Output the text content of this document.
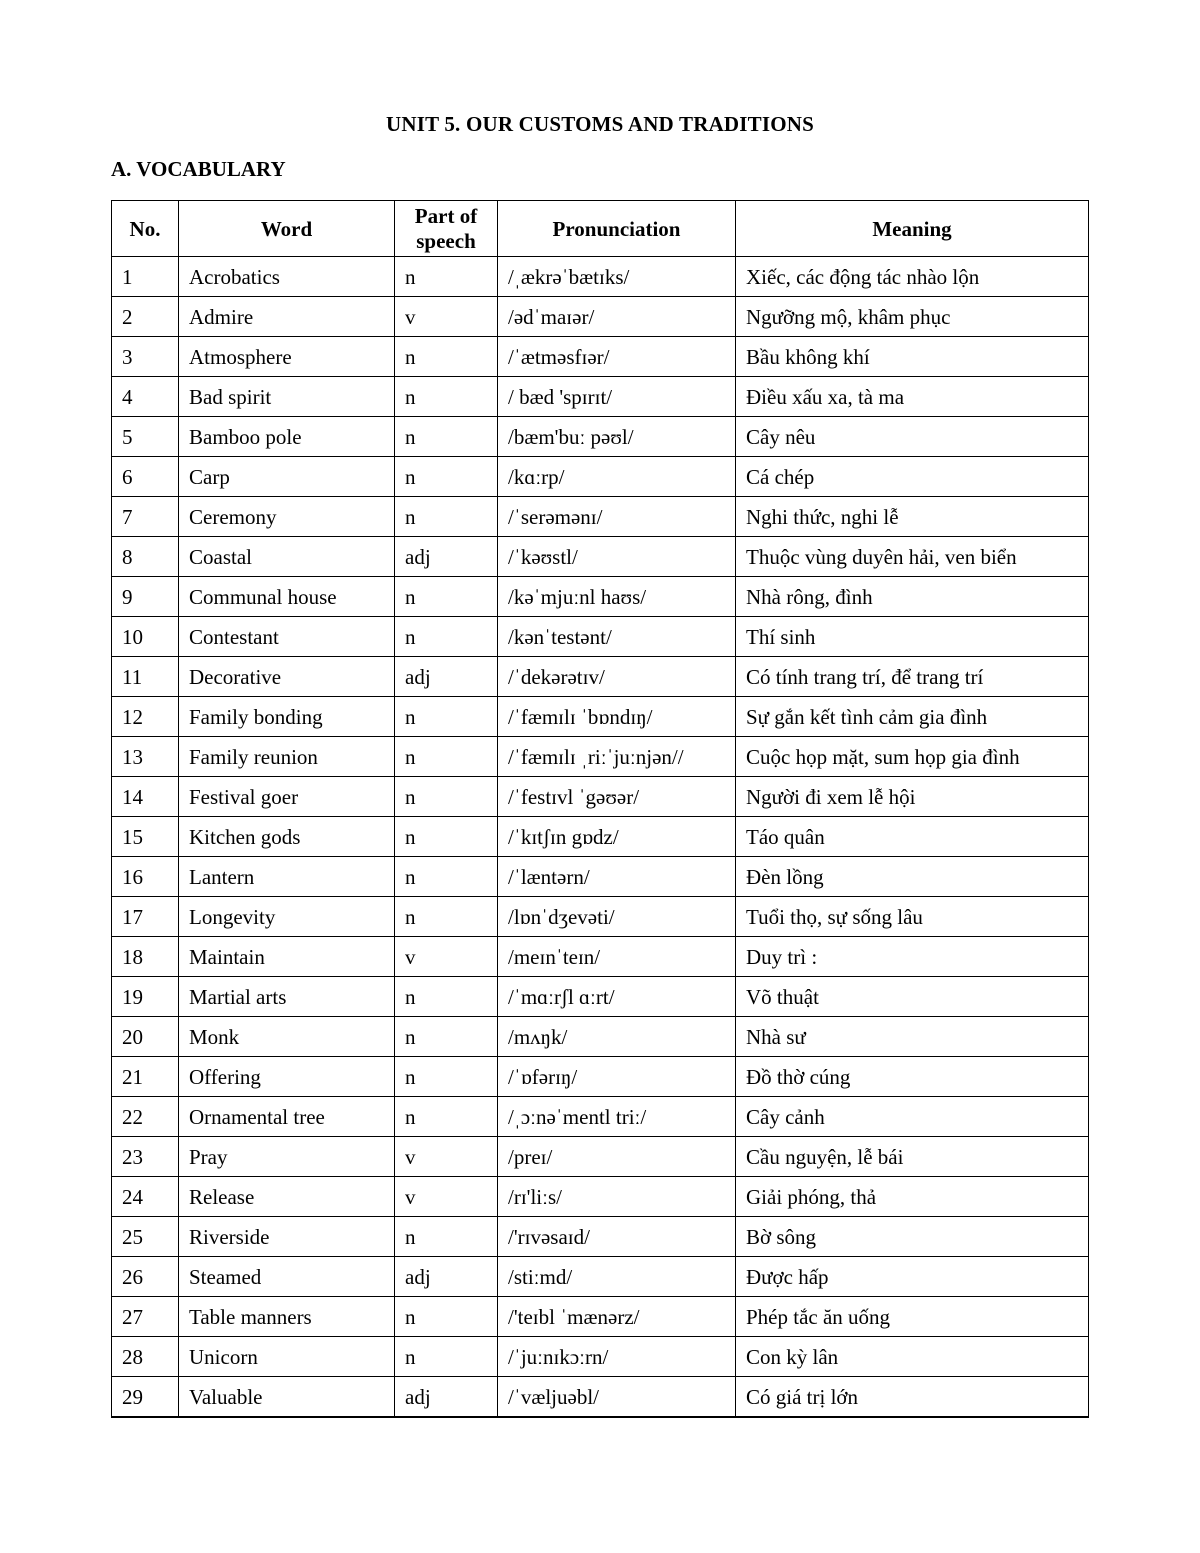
UNIT 5. OUR CUSTOMS AND TRADITIONS
A. VOCABULARY
No.	Word	Part of speech	Pronunciation	Meaning
1	Acrobatics	n	/ˌækrəˈbætɪks/	Xiếc, các động tác nhào lộn
2	Admire	v	/ədˈmaɪər/	Ngưỡng mộ, khâm phục
3	Atmosphere	n	/ˈætməsfɪər/	Bầu không khí
4	Bad spirit	n	/ bæd 'spɪrɪt/	Điều xấu xa, tà ma
5	Bamboo pole	n	/bæm'buː pəʊl/	Cây nêu
6	Carp	n	/kɑːrp/	Cá chép
7	Ceremony	n	/ˈserəmənɪ/	Nghi thức, nghi lễ
8	Coastal	adj	/ˈkəʊstl/	Thuộc vùng duyên hải, ven biển
9	Communal house	n	/kəˈmjuːnl haʊs/	Nhà rông, đình
10	Contestant	n	/kənˈtestənt/	Thí sinh
11	Decorative	adj	/ˈdekərətɪv/	Có tính trang trí, để trang trí
12	Family bonding	n	/ˈfæmɪlɪ ˈbɒndɪŋ/	Sự gắn kết tình cảm gia đình
13	Family reunion	n	/ˈfæmɪlɪ ˌriːˈjuːnjən//	Cuộc họp mặt, sum họp gia đình
14	Festival goer	n	/ˈfestɪvl ˈgəʊər/	Người đi xem lễ hội
15	Kitchen gods	n	/ˈkɪtʃɪn gɒdz/	Táo quân
16	Lantern	n	/ˈlæntərn/	Đèn lồng
17	Longevity	n	/lɒnˈdʒevəti/	Tuổi thọ, sự sống lâu
18	Maintain	v	/meɪnˈteɪn/	Duy trì :
19	Martial arts	n	/ˈmɑːrʃl ɑːrt/	Võ thuật
20	Monk	n	/mʌŋk/	Nhà sư
21	Offering	n	/ˈɒfərɪŋ/	Đồ thờ cúng
22	Ornamental tree	n	/ˌɔːnəˈmentl triː/	Cây cảnh
23	Pray	v	/preɪ/	Cầu nguyện, lễ bái
24	Release	v	/rɪ'liːs/	Giải phóng, thả
25	Riverside	n	/'rɪvəsaɪd/	Bờ sông
26	Steamed	adj	/stiːmd/	Được hấp
27	Table manners	n	/'teɪbl ˈmænərz/	Phép tắc ăn uống
28	Unicorn	n	/ˈjuːnɪkɔːrn/	Con kỳ lân
29	Valuable	adj	/ˈvæljuəbl/	Có giá trị lớn
